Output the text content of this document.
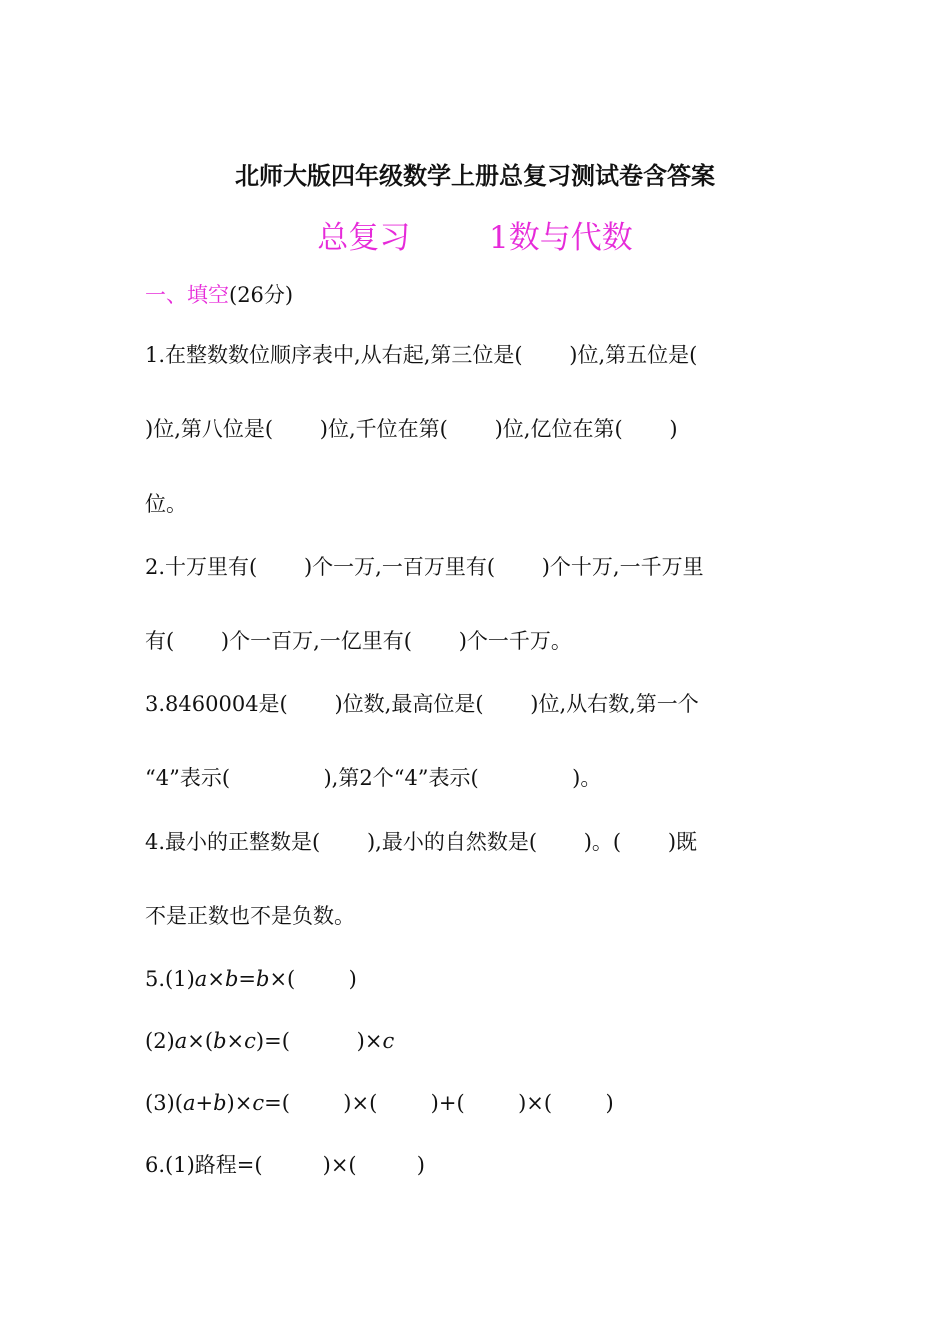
北师大版四年级数学上册总复习测试卷含答案
总复习        1数与代数
一、填空(26分)
1.在整数数位顺序表中,从右起,第三位是(       )位,第五位是(
)位,第八位是(       )位,千位在第(       )位,亿位在第(       )
位。
2.十万里有(       )个一万,一百万里有(       )个十万,一千万里
有(       )个一百万,一亿里有(       )个一千万。
3.8460004是(       )位数,最高位是(       )位,从右数,第一个
“4”表示(              ),第2个“4”表示(              )。
4.最小的正整数是(       ),最小的自然数是(       )。(       )既
不是正数也不是负数。
5.(1)a×b=b×(        )
(2)a×(b×c)=(          )×c
(3)(a+b)×c=(        )×(        )+(        )×(        )
6.(1)路程=(         )×(         )
